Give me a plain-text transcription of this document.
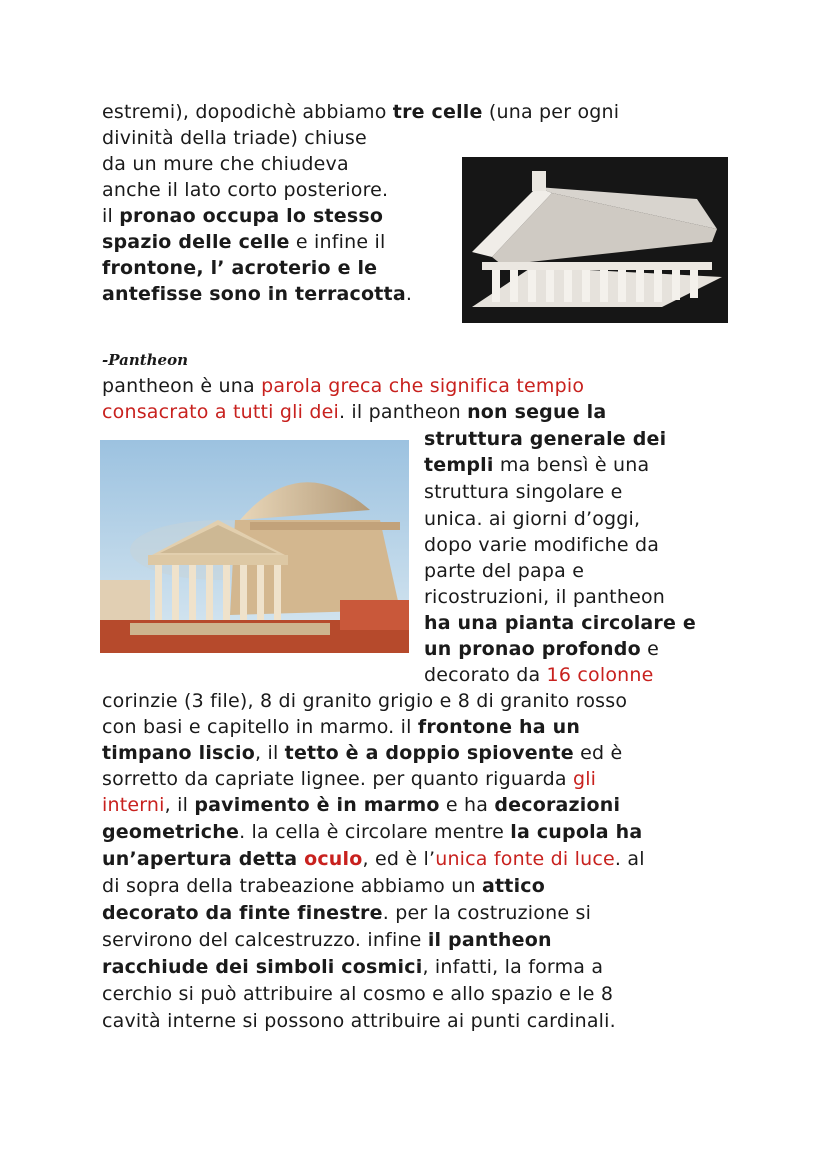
estremi), dopodichè abbiamo tre celle (una per ogni
divinità della triade) chiuse
da un mure che chiudeva
anche il lato corto posteriore.
il pronao occupa lo stesso
spazio delle celle e infine il
frontone, l’ acroterio e le
antefisse sono in terracotta.
-Pantheon
pantheon è una parola greca che significa tempio
consacrato a tutti gli dei. il pantheon non segue la
struttura generale dei
templi ma bensì è una
struttura singolare e
unica. ai giorni d’oggi,
dopo varie modifiche da
parte del papa e
ricostruzioni, il pantheon
ha una pianta circolare e
un pronao profondo e
decorato da 16 colonne
corinzie (3 file), 8 di granito grigio e 8 di granito rosso
con basi e capitello in marmo. il frontone ha un
timpano liscio, il tetto è a doppio spiovente ed è
sorretto da capriate lignee. per quanto riguarda gli
interni, il pavimento è in marmo e ha decorazioni
geometriche. la cella è circolare mentre la cupola ha
un’apertura detta oculo, ed è l’unica fonte di luce. al
di sopra della trabeazione abbiamo un attico
decorato da finte finestre. per la costruzione si
servirono del calcestruzzo. infine il pantheon
racchiude dei simboli cosmici, infatti, la forma a
cerchio si può attribuire al cosmo e allo spazio e le 8
cavità interne si possono attribuire ai punti cardinali.
